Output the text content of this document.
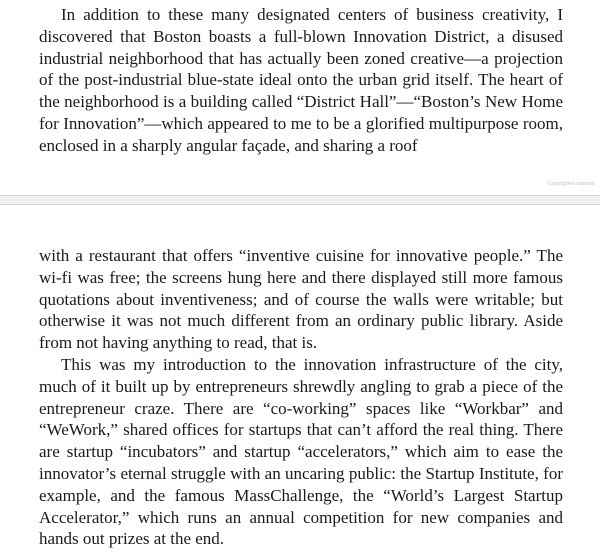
In addition to these many designated centers of business creativity, I discovered that Boston boasts a full-blown Innovation District, a disused industrial neighborhood that has actually been zoned creative—a projection of the post-industrial blue-state ideal onto the urban grid itself. The heart of the neighborhood is a building called “District Hall”—“Boston’s New Home for Innovation”—which appeared to me to be a glorified multipurpose room, enclosed in a sharply angular façade, and sharing a roof

Copyrighted material

with a restaurant that offers “inventive cuisine for innovative people.” The wi-fi was free; the screens hung here and there displayed still more famous quotations about inventiveness; and of course the walls were writable; but otherwise it was not much different from an ordinary public library. Aside from not having anything to read, that is.

This was my introduction to the innovation infrastructure of the city, much of it built up by entrepreneurs shrewdly angling to grab a piece of the entrepreneur craze. There are “co-working” spaces like “Workbar” and “WeWork,” shared offices for startups that can’t afford the real thing. There are startup “incubators” and startup “accelerators,” which aim to ease the innovator’s eternal struggle with an uncaring public: the Startup Institute, for example, and the famous MassChallenge, the “World’s Largest Startup Accelerator,” which runs an annual competition for new companies and hands out prizes at the end.
